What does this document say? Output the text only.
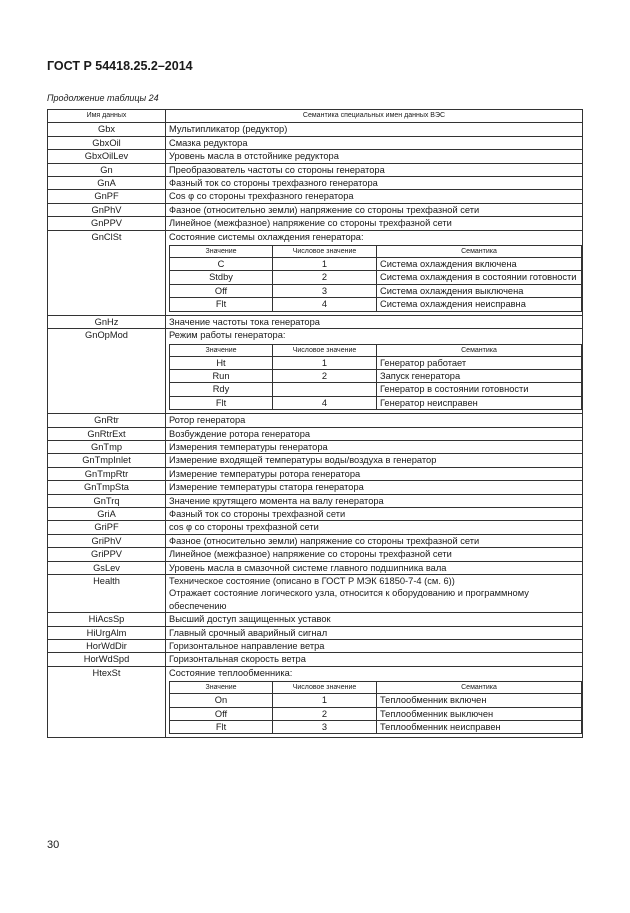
ГОСТ Р 54418.25.2–2014
Продолжение таблицы 24
Имя данных	Семантика специальных имен данных ВЭС
Gbx	Мультипликатор (редуктор)

GbxOil	Смазка редуктора

GbxOilLev	Уровень масла в отстойнике редуктора

Gn	Преобразователь частоты со стороны генератора

GnA	Фазный ток со стороны трехфазного генератора

GnPF	Cos φ со стороны трехфазного генератора

GnPhV	Фазное (относительно земли) напряжение со стороны трехфазной сети

GnPPV	Линейное (межфазное) напряжение со стороны трехфазной сети

GnClSt	Состояние системы охлаждения генератора:
Значение	Числовое значение	Семантика
C	1	Система охлаждения включена
Stdby	2	Система охлаждения в состоянии готовности
Off	3	Система охлаждения выключена
Flt	4	Система охлаждения неисправна

GnHz	Значение частоты тока генератора

GnOpMod	Режим работы генератора:
Значение	Числовое значение	Семантика
Ht	1	Генератор работает
Run	2	Запуск генератора
Rdy		Генератор в состоянии готовности
Flt	4	Генератор неисправен

GnRtr	Ротор генератора

GnRtrExt	Возбуждение ротора генератора

GnTmp	Измерения температуры генератора

GnTmpInlet	Измерение входящей температуры воды/воздуха в генератор

GnTmpRtr	Измерение температуры ротора генератора

GnTmpSta	Измерение температуры статора генератора

GnTrq	Значение крутящего момента на валу генератора

GriA	Фазный ток со стороны трехфазной сети

GriPF	cos φ со стороны трехфазной сети

GriPhV	Фазное (относительно земли) напряжение со стороны трехфазной сети

GriPPV	Линейное (межфазное) напряжение со стороны трехфазной сети

GsLev	Уровень масла в смазочной системе главного подшипника вала

Health	Техническое состояние (описано в ГОСТ Р МЭК 61850-7-4 (см. 6))
Отражает состояние логического узла, относится к оборудованию и программному обеспечению

HiAcsSp	Высший доступ защищенных уставок

HiUrgAlm	Главный срочный аварийный сигнал

HorWdDir	Горизонтальное направление ветра

HorWdSpd	Горизонтальная скорость ветра

HtexSt	Состояние теплообменника:
Значение	Числовое значение	Семантика
On	1	Теплообменник включен
Off	2	Теплообменник выключен
Flt	3	Теплообменник неисправен
30
